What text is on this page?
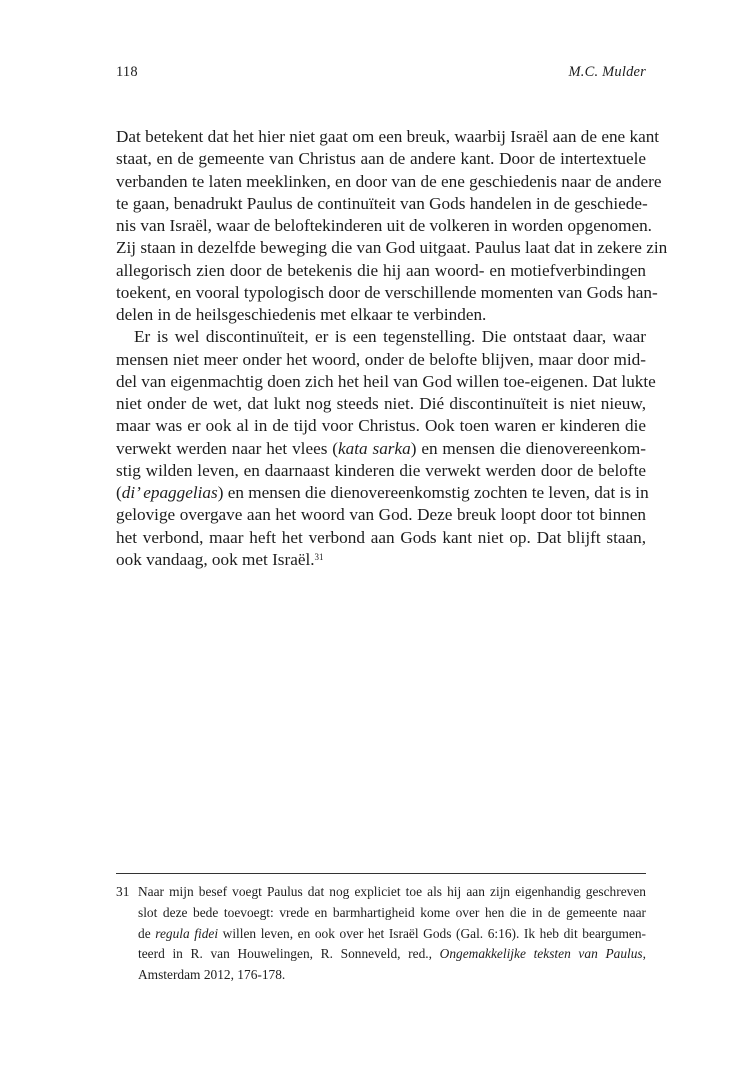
118	M.C. Mulder
Dat betekent dat het hier niet gaat om een breuk, waarbij Israël aan de ene kant
staat, en de gemeente van Christus aan de andere kant. Door de intertextuele
verbanden te laten meeklinken, en door van de ene geschiedenis naar de andere
te gaan, benadrukt Paulus de continuïteit van Gods handelen in de geschiede-
nis van Israël, waar de beloftekinderen uit de volkeren in worden opgenomen.
Zij staan in dezelfde beweging die van God uitgaat. Paulus laat dat in zekere zin
allegorisch zien door de betekenis die hij aan woord- en motiefverbindingen
toekent, en vooral typologisch door de verschillende momenten van Gods han-
delen in de heilsgeschiedenis met elkaar te verbinden.
Er is wel discontinuïteit, er is een tegenstelling. Die ontstaat daar, waar
mensen niet meer onder het woord, onder de belofte blijven, maar door mid-
del van eigenmachtig doen zich het heil van God willen toe-eigenen. Dat lukte
niet onder de wet, dat lukt nog steeds niet. Dié discontinuïteit is niet nieuw,
maar was er ook al in de tijd voor Christus. Ook toen waren er kinderen die
verwekt werden naar het vlees (kata sarka) en mensen die dienovereenkom-
stig wilden leven, en daarnaast kinderen die verwekt werden door de belofte
(di’ epaggelias) en mensen die dienovereenkomstig zochten te leven, dat is in
gelovige overgave aan het woord van God. Deze breuk loopt door tot binnen
het verbond, maar heft het verbond aan Gods kant niet op. Dat blijft staan,
ook vandaag, ook met Israël.$^{31}$
31 Naar mijn besef voegt Paulus dat nog expliciet toe als hij aan zijn eigenhandig geschreven
slot deze bede toevoegt: vrede en barmhartigheid kome over hen die in de gemeente naar
de regula fidei willen leven, en ook over het Israël Gods (Gal. 6:16). Ik heb dit beargumen-
teerd in R. van Houwelingen, R. Sonneveld, red., Ongemakkelijke teksten van Paulus,
Amsterdam 2012, 176-178.
